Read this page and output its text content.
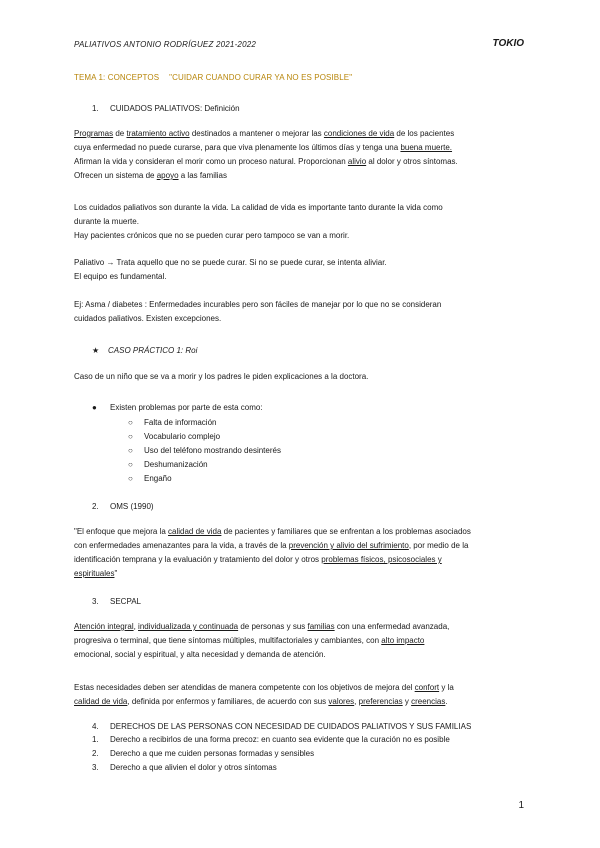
PALIATIVOS ANTONIO RODRÍGUEZ 2021-2022	TOKIO
TEMA 1: CONCEPTOS "CUIDAR CUANDO CURAR YA NO ES POSIBLE"
1. CUIDADOS PALIATIVOS: Definición
Programas de tratamiento activo destinados a mantener o mejorar las condiciones de vida de los pacientes
cuya enfermedad no puede curarse, para que viva plenamente los últimos días y tenga una buena muerte.
Afirman la vida y consideran el morir como un proceso natural. Proporcionan alivio al dolor y otros síntomas.
Ofrecen un sistema de apoyo a las familias
Los cuidados paliativos son durante la vida. La calidad de vida es importante tanto durante la vida como
durante la muerte.
Hay pacientes crónicos que no se pueden curar pero tampoco se van a morir.
Paliativo → Trata aquello que no se puede curar. Si no se puede curar, se intenta aliviar.
El equipo es fundamental.
Ej: Asma / diabetes : Enfermedades incurables pero son fáciles de manejar por lo que no se consideran
cuidados paliativos. Existen excepciones.
★ CASO PRÁCTICO 1: Roi
Caso de un niño que se va a morir y los padres le piden explicaciones a la doctora.
● Existen problemas por parte de esta como:
○ Falta de información
○ Vocabulario complejo
○ Uso del teléfono mostrando desinterés
○ Deshumanización
○ Engaño
2. OMS (1990)
"El enfoque que mejora la calidad de vida de pacientes y familiares que se enfrentan a los problemas asociados
con enfermedades amenazantes para la vida, a través de la prevención y alivio del sufrimiento, por medio de la
identificación temprana y la evaluación y tratamiento del dolor y otros problemas físicos, psicosociales y
espirituales"
3. SECPAL
Atención integral, individualizada y continuada de personas y sus familias con una enfermedad avanzada,
progresiva o terminal, que tiene síntomas múltiples, multifactoriales y cambiantes, con alto impacto
emocional, social y espiritual, y alta necesidad y demanda de atención.
Estas necesidades deben ser atendidas de manera competente con los objetivos de mejora del confort y la
calidad de vida, definida por enfermos y familiares, de acuerdo con sus valores, preferencias y creencias.
4. DERECHOS DE LAS PERSONAS CON NECESIDAD DE CUIDADOS PALIATIVOS Y SUS FAMILIAS
1. Derecho a recibirlos de una forma precoz: en cuanto sea evidente que la curación no es posible
2. Derecho a que me cuiden personas formadas y sensibles
3. Derecho a que alivien el dolor y otros síntomas
1
